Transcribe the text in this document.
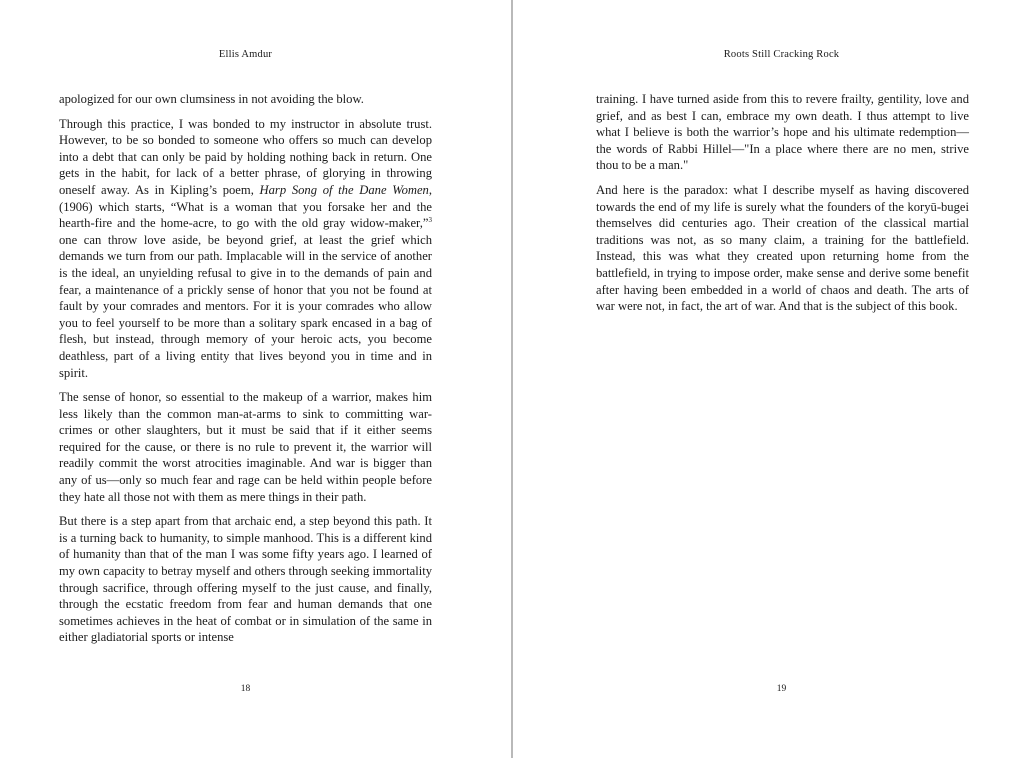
Ellis Amdur

apologized for our own clumsiness in not avoiding the blow.

Through this practice, I was bonded to my instructor in absolute trust. However, to be so bonded to someone who offers so much can develop into a debt that can only be paid by holding nothing back in return. One gets in the habit, for lack of a better phrase, of glorying in throwing oneself away. As in Kipling’s poem, Harp Song of the Dane Women, (1906) which starts, “What is a woman that you forsake her and the hearth-fire and the home-acre, to go with the old gray widow-maker,”$^3$ one can throw love aside, be beyond grief, at least the grief which demands we turn from our path. Implacable will in the service of another is the ideal, an unyielding refusal to give in to the demands of pain and fear, a maintenance of a prickly sense of honor that you not be found at fault by your comrades and mentors. For it is your comrades who allow you to feel yourself to be more than a solitary spark encased in a bag of flesh, but instead, through memory of your heroic acts, you become deathless, part of a living entity that lives beyond you in time and in spirit.

The sense of honor, so essential to the makeup of a warrior, makes him less likely than the common man-at-arms to sink to committing war-crimes or other slaughters, but it must be said that if it either seems required for the cause, or there is no rule to prevent it, the warrior will readily commit the worst atrocities imaginable. And war is bigger than any of us—only so much fear and rage can be held within people before they hate all those not with them as mere things in their path.

But there is a step apart from that archaic end, a step beyond this path. It is a turning back to humanity, to simple manhood. This is a different kind of humanity than that of the man I was some fifty years ago. I learned of my own capacity to betray myself and others through seeking immortality through sacrifice, through offering myself to the just cause, and finally, through the ecstatic freedom from fear and human demands that one sometimes achieves in the heat of combat or in simulation of the same in either gladiatorial sports or intense

18
Roots Still Cracking Rock

training. I have turned aside from this to revere frailty, gentility, love and grief, and as best I can, embrace my own death. I thus attempt to live what I believe is both the warrior’s hope and his ultimate redemption—the words of Rabbi Hillel—"In a place where there are no men, strive thou to be a man."

And here is the paradox: what I describe myself as having discovered towards the end of my life is surely what the founders of the koryū-bugei themselves did centuries ago. Their creation of the classical martial traditions was not, as so many claim, a training for the battlefield. Instead, this was what they created upon returning home from the battlefield, in trying to impose order, make sense and derive some benefit after having been embedded in a world of chaos and death. The arts of war were not, in fact, the art of war. And that is the subject of this book.

19
